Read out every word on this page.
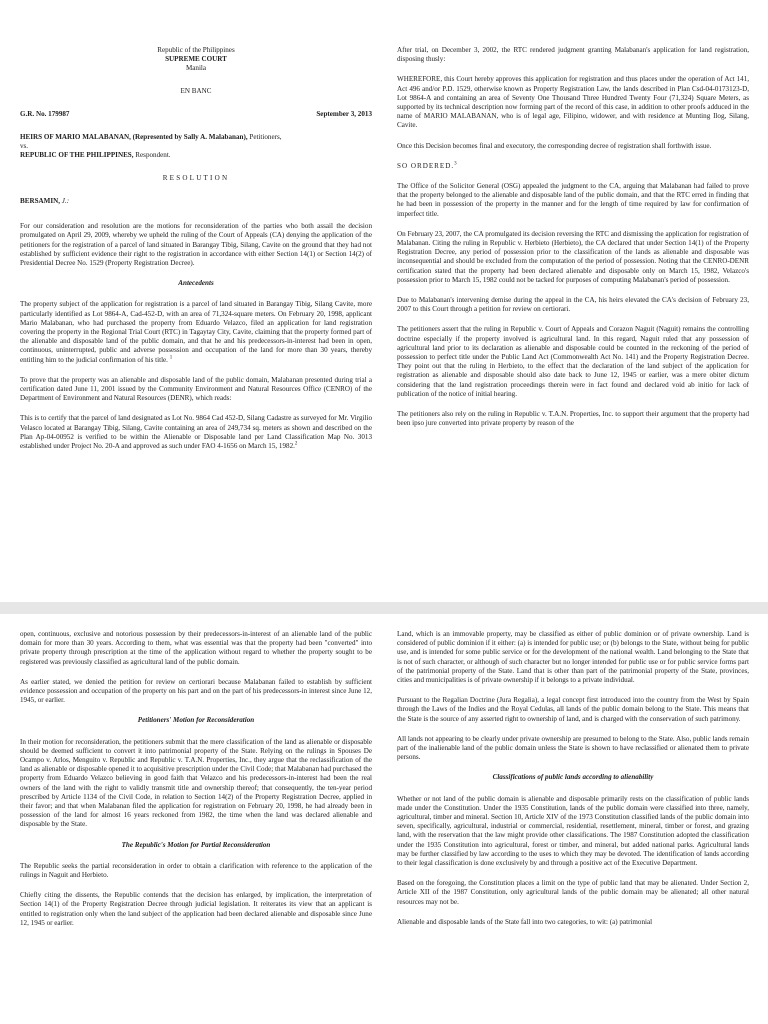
Republic of the Philippines

SUPREME COURT

Manila

EN BANC

G.R. No. 179987	September 3, 2013

HEIRS OF MARIO MALABANAN, (Represented by Sally A. Malabanan), Petitioners,

vs.

REPUBLIC OF THE PHILIPPINES, Respondent.

RESOLUTION

BERSAMIN, J.:

For our consideration and resolution are the motions for reconsideration of the parties who both assail the decision promulgated on April 29, 2009, whereby we upheld the ruling of the Court of Appeals (CA) denying the application of the petitioners for the registration of a parcel of land situated in Barangay Tibig, Silang, Cavite on the ground that they had not established by sufficient evidence their right to the registration in accordance with either Section 14(1) or Section 14(2) of Presidential Decree No. 1529 (Property Registration Decree).

Antecedents

The property subject of the application for registration is a parcel of land situated in Barangay Tibig, Silang Cavite, more particularly identified as Lot 9864-A, Cad-452-D, with an area of 71,324-square meters. On February 20, 1998, applicant Mario Malabanan, who had purchased the property from Eduardo Velazco, filed an application for land registration covering the property in the Regional Trial Court (RTC) in Tagaytay City, Cavite, claiming that the property formed part of the alienable and disposable land of the public domain, and that he and his predecessors-in-interest had been in open, continuous, uninterrupted, public and adverse possession and occupation of the land for more than 30 years, thereby entitling him to the judicial confirmation of his title. $^1$

To prove that the property was an alienable and disposable land of the public domain, Malabanan presented during trial a certification dated June 11, 2001 issued by the Community Environment and Natural Resources Office (CENRO) of the Department of Environment and Natural Resources (DENR), which reads:

This is to certify that the parcel of land designated as Lot No. 9864 Cad 452-D, Silang Cadastre as surveyed for Mr. Virgilio Velasco located at Barangay Tibig, Silang, Cavite containing an area of 249,734 sq. meters as shown and described on the Plan Ap-04-00952 is verified to be within the Alienable or Disposable land per Land Classification Map No. 3013 established under Project No. 20-A and approved as such under FAO 4-1656 on March 15, 1982.$^2$

After trial, on December 3, 2002, the RTC rendered judgment granting Malabanan's application for land registration, disposing thusly:

WHEREFORE, this Court hereby approves this application for registration and thus places under the operation of Act 141, Act 496 and/or P.D. 1529, otherwise known as Property Registration Law, the lands described in Plan Csd-04-0173123-D, Lot 9864-A and containing an area of Seventy One Thousand Three Hundred Twenty Four (71,324) Square Meters, as supported by its technical description now forming part of the record of this case, in addition to other proofs adduced in the name of MARIO MALABANAN, who is of legal age, Filipino, widower, and with residence at Munting Ilog, Silang, Cavite.

Once this Decision becomes final and executory, the corresponding decree of registration shall forthwith issue.

SO ORDERED.$^3$

The Office of the Solicitor General (OSG) appealed the judgment to the CA, arguing that Malabanan had failed to prove that the property belonged to the alienable and disposable land of the public domain, and that the RTC erred in finding that he had been in possession of the property in the manner and for the length of time required by law for confirmation of imperfect title.

On February 23, 2007, the CA promulgated its decision reversing the RTC and dismissing the application for registration of Malabanan. Citing the ruling in Republic v. Herbieto (Herbieto), the CA declared that under Section 14(1) of the Property Registration Decree, any period of possession prior to the classification of the lands as alienable and disposable was inconsequential and should be excluded from the computation of the period of possession. Noting that the CENRO-DENR certification stated that the property had been declared alienable and disposable only on March 15, 1982, Velazco's possession prior to March 15, 1982 could not be tacked for purposes of computing Malabanan's period of possession.

Due to Malabanan's intervening demise during the appeal in the CA, his heirs elevated the CA's decision of February 23, 2007 to this Court through a petition for review on certiorari.

The petitioners assert that the ruling in Republic v. Court of Appeals and Corazon Naguit (Naguit) remains the controlling doctrine especially if the property involved is agricultural land. In this regard, Naguit ruled that any possession of agricultural land prior to its declaration as alienable and disposable could be counted in the reckoning of the period of possession to perfect title under the Public Land Act (Commonwealth Act No. 141) and the Property Registration Decree. They point out that the ruling in Herbieto, to the effect that the declaration of the land subject of the application for registration as alienable and disposable should also date back to June 12, 1945 or earlier, was a mere obiter dictum considering that the land registration proceedings therein were in fact found and declared void ab initio for lack of publication of the notice of initial hearing.

The petitioners also rely on the ruling in Republic v. T.A.N. Properties, Inc. to support their argument that the property had been ipso jure converted into private property by reason of the

open, continuous, exclusive and notorious possession by their predecessors-in-interest of an alienable land of the public domain for more than 30 years. According to them, what was essential was that the property had been "converted" into private property through prescription at the time of the application without regard to whether the property sought to be registered was previously classified as agricultural land of the public domain.

As earlier stated, we denied the petition for review on certiorari because Malabanan failed to establish by sufficient evidence possession and occupation of the property on his part and on the part of his predecessors-in interest since June 12, 1945, or earlier.

Petitioners' Motion for Reconsideration

In their motion for reconsideration, the petitioners submit that the mere classification of the land as alienable or disposable should be deemed sufficient to convert it into patrimonial property of the State. Relying on the rulings in Spouses De Ocampo v. Arlos, Menguito v. Republic and Republic v. T.A.N. Properties, Inc., they argue that the reclassification of the land as alienable or disposable opened it to acquisitive prescription under the Civil Code; that Malabanan had purchased the property from Eduardo Velazco believing in good faith that Velazco and his predecessors-in-interest had been the real owners of the land with the right to validly transmit title and ownership thereof; that consequently, the ten-year period prescribed by Article 1134 of the Civil Code, in relation to Section 14(2) of the Property Registration Decree, applied in their favor; and that when Malabanan filed the application for registration on February 20, 1998, he had already been in possession of the land for almost 16 years reckoned from 1982, the time when the land was declared alienable and disposable by the State.

The Republic's Motion for Partial Reconsideration

The Republic seeks the partial reconsideration in order to obtain a clarification with reference to the application of the rulings in Naguit and Herbieto.

Chiefly citing the dissents, the Republic contends that the decision has enlarged, by implication, the interpretation of Section 14(1) of the Property Registration Decree through judicial legislation. It reiterates its view that an applicant is entitled to registration only when the land subject of the application had been declared alienable and disposable since June 12, 1945 or earlier.

Land, which is an immovable property, may be classified as either of public dominion or of private ownership. Land is considered of public dominion if it either: (a) is intended for public use; or (b) belongs to the State, without being for public use, and is intended for some public service or for the development of the national wealth. Land belonging to the State that is not of such character, or although of such character but no longer intended for public use or for public service forms part of the patrimonial property of the State. Land that is other than part of the patrimonial property of the State, provinces, cities and municipalities is of private ownership if it belongs to a private individual.

Pursuant to the Regalian Doctrine (Jura Regalia), a legal concept first introduced into the country from the West by Spain through the Laws of the Indies and the Royal Cedulas, all lands of the public domain belong to the State. This means that the State is the source of any asserted right to ownership of land, and is charged with the conservation of such patrimony.

All lands not appearing to be clearly under private ownership are presumed to belong to the State. Also, public lands remain part of the inalienable land of the public domain unless the State is shown to have reclassified or alienated them to private persons.

Classifications of public lands according to alienability

Whether or not land of the public domain is alienable and disposable primarily rests on the classification of public lands made under the Constitution. Under the 1935 Constitution, lands of the public domain were classified into three, namely, agricultural, timber and mineral. Section 10, Article XIV of the 1973 Constitution classified lands of the public domain into seven, specifically, agricultural, industrial or commercial, residential, resettlement, mineral, timber or forest, and grazing land, with the reservation that the law might provide other classifications. The 1987 Constitution adopted the classification under the 1935 Constitution into agricultural, forest or timber, and mineral, but added national parks. Agricultural lands may be further classified by law according to the uses to which they may be devoted. The identification of lands according to their legal classification is done exclusively by and through a positive act of the Executive Department.

Based on the foregoing, the Constitution places a limit on the type of public land that may be alienated. Under Section 2, Article XII of the 1987 Constitution, only agricultural lands of the public domain may be alienated; all other natural resources may not be.

Alienable and disposable lands of the State fall into two categories, to wit: (a) patrimonial
